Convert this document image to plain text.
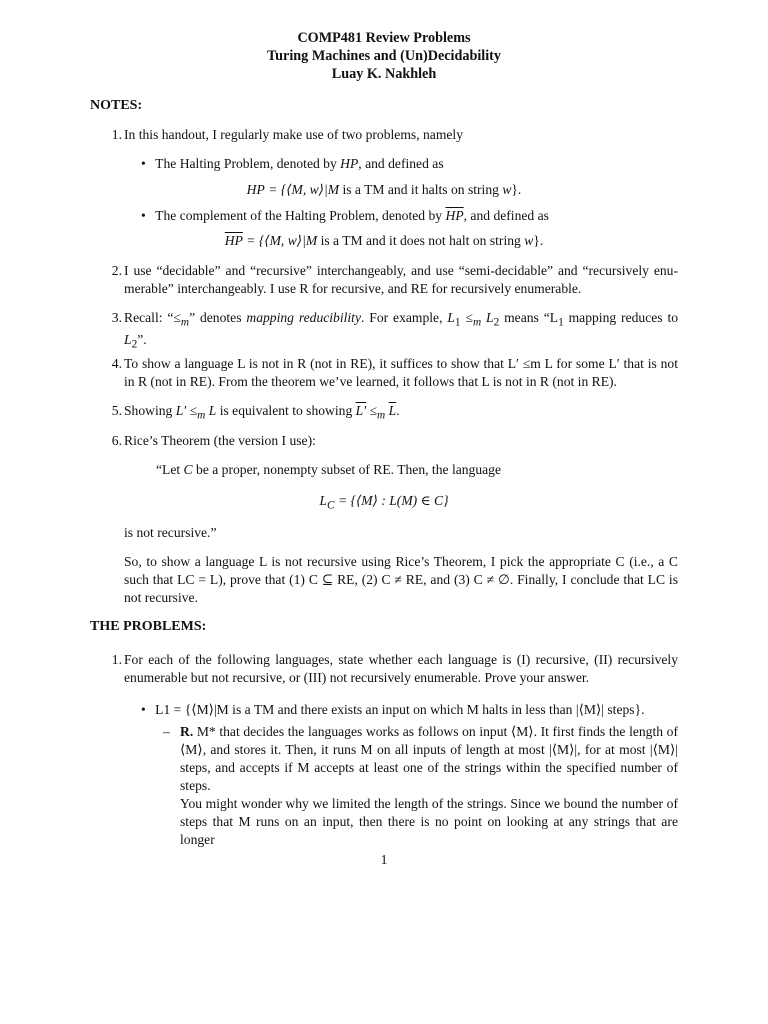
COMP481 Review Problems
Turing Machines and (Un)Decidability
Luay K. Nakhleh
NOTES:
1. In this handout, I regularly make use of two problems, namely
• The Halting Problem, denoted by HP, and defined as
HP = {⟨M, w⟩|M is a TM and it halts on string w}.
• The complement of the Halting Problem, denoted by $\overline{HP}$, and defined as
$\overline{HP}$ = {⟨M, w⟩|M is a TM and it does not halt on string w}.
2. I use “decidable” and “recursive” interchangeably, and use “semi-decidable” and “recursively enu-merable” interchangeably. I use R for recursive, and RE for recursively enumerable.
3. Recall: “$\le_m$” denotes mapping reducibility. For example, $L_1 \le_m$ $L_2$ means “$L_1$ mapping reduces to $L_2$”.
4. To show a language L is not in R (not in RE), it suffices to show that L′ ≤m L for some L′ that is not in R (not in RE). From the theorem we’ve learned, it follows that L is not in R (not in RE).
5. Showing $L' \le_m$ L is equivalent to showing $L' \le_m$ $\overline{L}$.
6. Rice’s Theorem (the version I use):
“Let C be a proper, nonempty subset of RE. Then, the language
$L_C$ = {⟨M⟩ : L(M) ∈ C}
is not recursive.”
So, to show a language L is not recursive using Rice’s Theorem, I pick the appropriate C (i.e., a C such that LC = L), prove that (1) C ⊆ RE, (2) C ≠ RE, and (3) C ≠ ∅. Finally, I conclude that LC is not recursive.
THE PROBLEMS:
1. For each of the following languages, state whether each language is (I) recursive, (II) recursively enumerable but not recursive, or (III) not recursively enumerable. Prove your answer.
• L1 = {⟨M⟩|M is a TM and there exists an input on which M halts in less than |⟨M⟩| steps}.
– R. M* that decides the languages works as follows on input ⟨M⟩. It first finds the length of ⟨M⟩, and stores it. Then, it runs M on all inputs of length at most |⟨M⟩|, for at most |⟨M⟩| steps, and accepts if M accepts at least one of the strings within the specified number of steps.
You might wonder why we limited the length of the strings. Since we bound the number of steps that M runs on an input, then there is no point on looking at any strings that are longer
1
